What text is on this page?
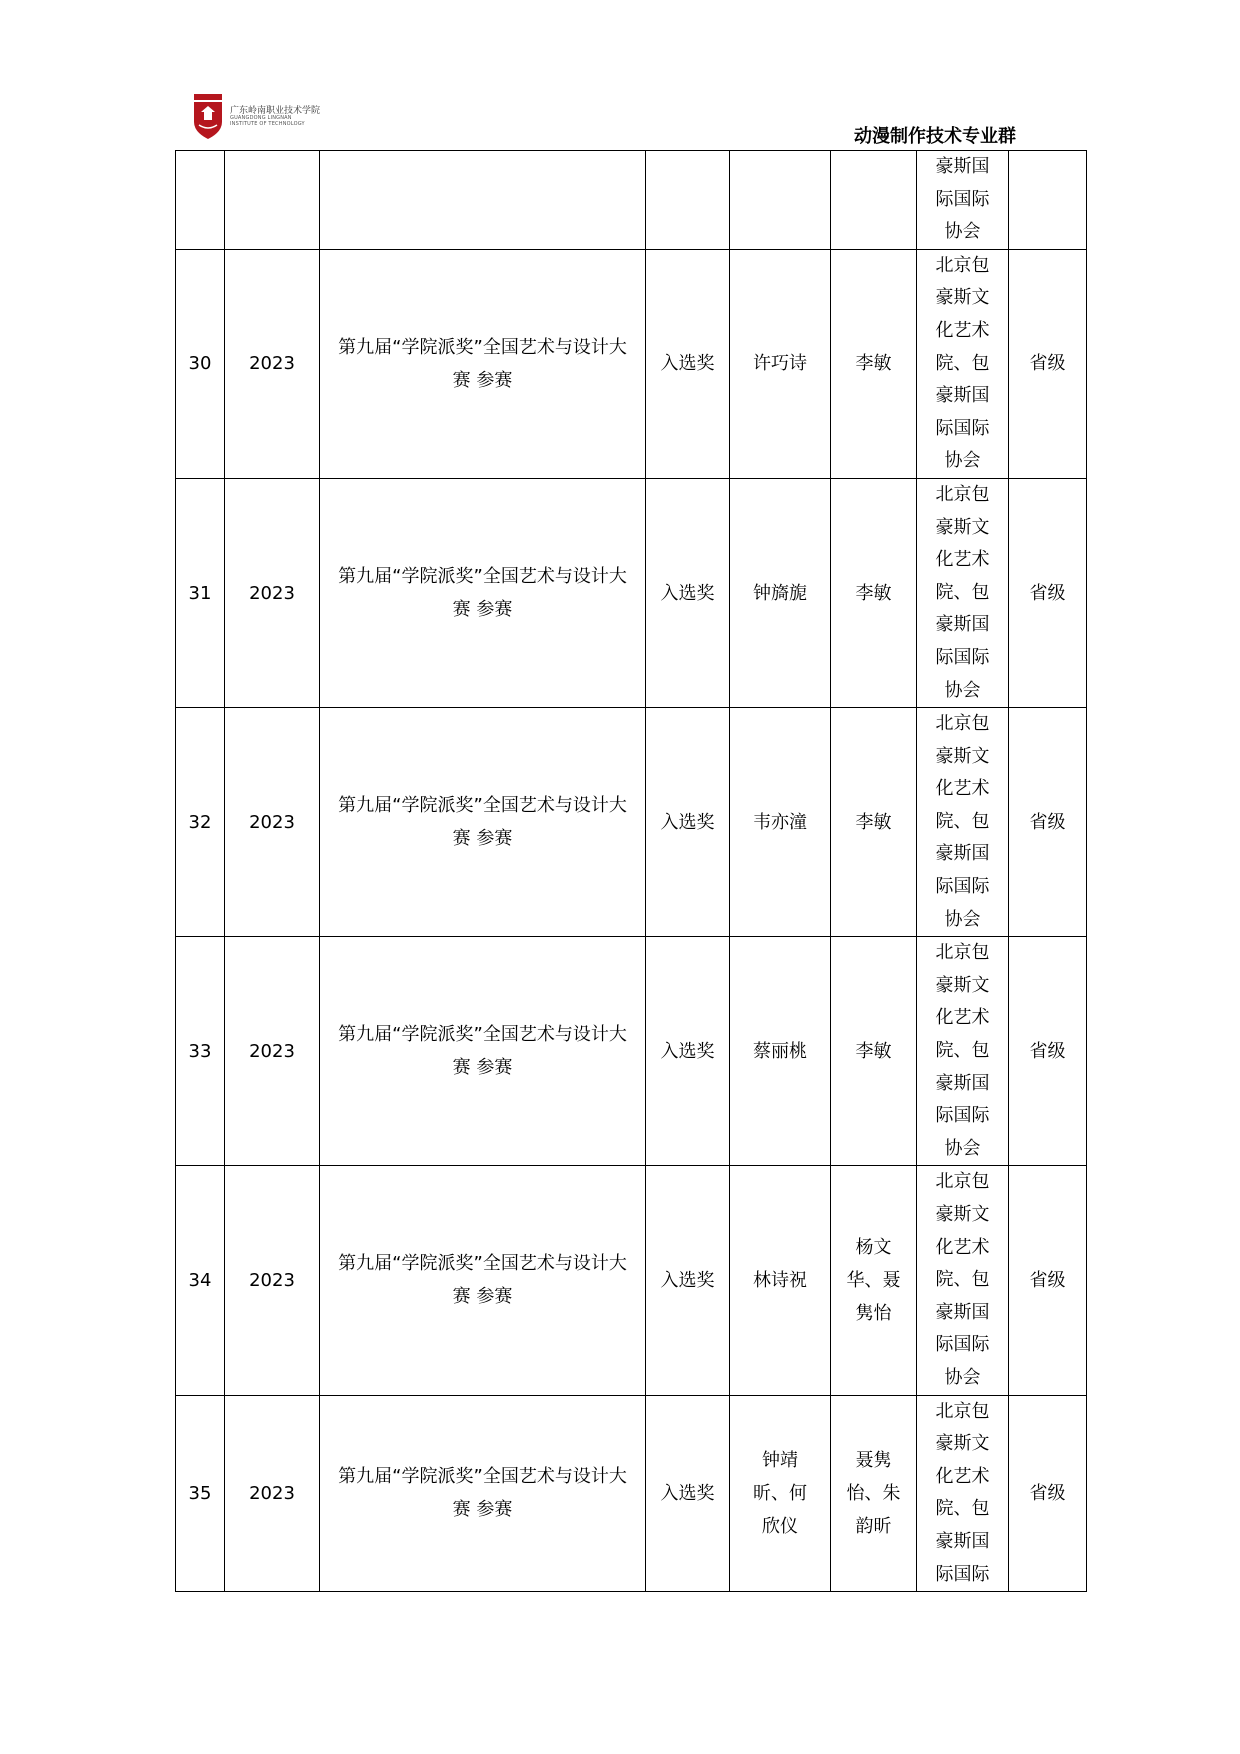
广东岭南职业技术学院
GUANGDONG LINGNAN
INSTITUTE OF TECHNOLOGY
动漫制作技术专业群

						豪斯国际国际协会	

30	2023	第九届“学院派奖”全国艺术与设计大赛 参赛	入选奖	许巧诗	李敏	北京包豪斯文化艺术院、包豪斯国际国际协会	省级

31	2023	第九届“学院派奖”全国艺术与设计大赛 参赛	入选奖	钟旖旎	李敏	北京包豪斯文化艺术院、包豪斯国际国际协会	省级

32	2023	第九届“学院派奖”全国艺术与设计大赛 参赛	入选奖	韦亦潼	李敏	北京包豪斯文化艺术院、包豪斯国际国际协会	省级

33	2023	第九届“学院派奖”全国艺术与设计大赛 参赛	入选奖	蔡丽桃	李敏	北京包豪斯文化艺术院、包豪斯国际国际协会	省级

34	2023	第九届“学院派奖”全国艺术与设计大赛 参赛	入选奖	林诗祝	杨文华、聂隽怡	北京包豪斯文化艺术院、包豪斯国际国际协会	省级

35	2023	第九届“学院派奖”全国艺术与设计大赛 参赛	入选奖	钟靖昕、何欣仪	聂隽怡、朱韵昕	北京包豪斯文化艺术院、包豪斯国际国际	省级
